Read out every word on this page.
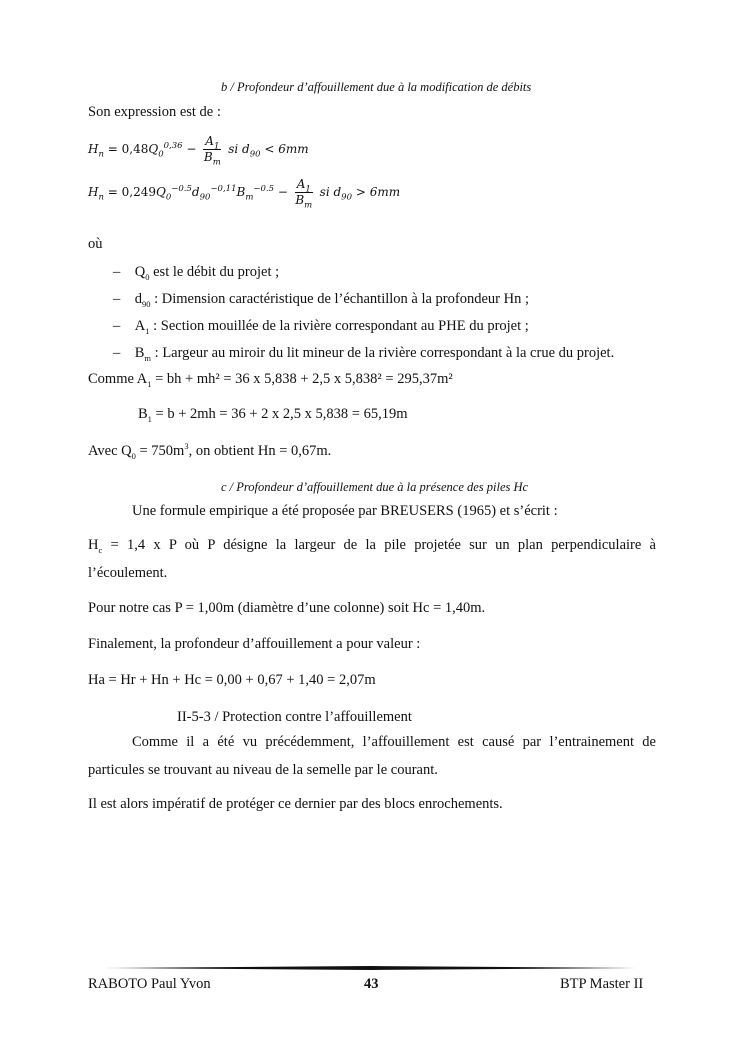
b / Profondeur d’affouillement due à la modification de débits
Son expression est de :
$H_n = 0,48Q_0^{0,36} - \frac{A_1}{B_m}$ si $d_{90} < 6mm$
$H_n = 0,249Q_0^{-0.5}d_{90}^{-0,11}B_m^{-0.5} - \frac{A_1}{B_m}$ si $d_{90} > 6mm$
où
– $Q_0$ est le débit du projet ;
– $d_{90}$ : Dimension caractéristique de l’échantillon à la profondeur Hn ;
– $A_1$ : Section mouillée de la rivière correspondant au PHE du projet ;
– $B_m$ : Largeur au miroir du lit mineur de la rivière correspondant à la crue du projet.
Comme $A_1$ = bh + mh² = 36 x 5,838 + 2,5 x 5,838² = 295,37m²
$B_1 = b + 2mh = 36 + 2$ x 2,5 x 5,838 = 65,19m
Avec $Q_0 = 750m^3$, on obtient Hn = 0,67m.
c / Profondeur d’affouillement due à la présence des piles Hc
Une formule empirique a été proposée par BREUSERS (1965) et s’écrit :
$H_c = 1,4$ x P où P désigne la largeur de la pile projetée sur un plan perpendiculaire à
l’écoulement.
Pour notre cas P = 1,00m (diamètre d’une colonne) soit Hc = 1,40m.
Finalement, la profondeur d’affouillement a pour valeur :
Ha = Hr + Hn + Hc = 0,00 + 0,67 + 1,40 = 2,07m
II-5-3 / Protection contre l’affouillement
Comme il a été vu précédemment, l’affouillement est causé par l’entrainement de
particules se trouvant au niveau de la semelle par le courant.
Il est alors impératif de protéger ce dernier par des blocs enrochements.
RABOTO Paul Yvon	43	BTP Master II
